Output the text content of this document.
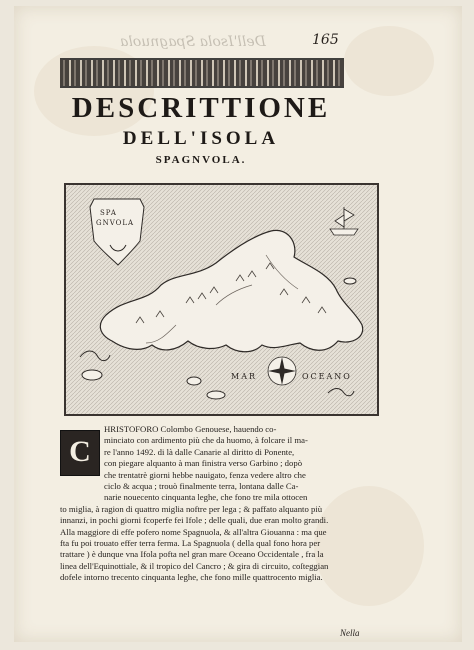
Dell'Isola Spagnuola	165
DESCRITTIONE
DELL'ISOLA
SPAGNVOLA.
SPA
GNVOLA
MAR	OCEANO
C
HRISTOFORO Colombo Genouese, hauendo co-
minciato con ardimento più che da huomo, à folcare il ma-
re l'anno 1492. di là dalle Canarie al diritto di Ponente,
con piegare alquanto à man finistra verso Garbino ; dopò
che trentatrè giorni hebbe nauigato, fenza vedere altro che
ciclo & acqua ; trouò finalmente terra, lontana dalle Ca-
narie nouecento cinquanta leghe, che fono tre mila ottocen
to miglia, à ragion di quattro miglia noftre per lega ; & paffato alquanto più
innanzi, in pochi giorni fcoperfe fei Ifole ; delle quali, due eran molto grandi.
Alla maggiore di effe pofero nome Spagnuola, & all'altra Giouanna : ma que
fta fu poi trouato effer terra ferma. La Spagnuola ( della qual fono hora per
trattare ) è dunque vna Ifola pofta nel gran mare Oceano Occidentale , fra la
linea dell'Equinottiale, & il tropico del Cancro ; & gira di circuito, coſteggian
dofele intorno trecento cinquanta leghe, che fono mille quattrocento miglia.
Nella
